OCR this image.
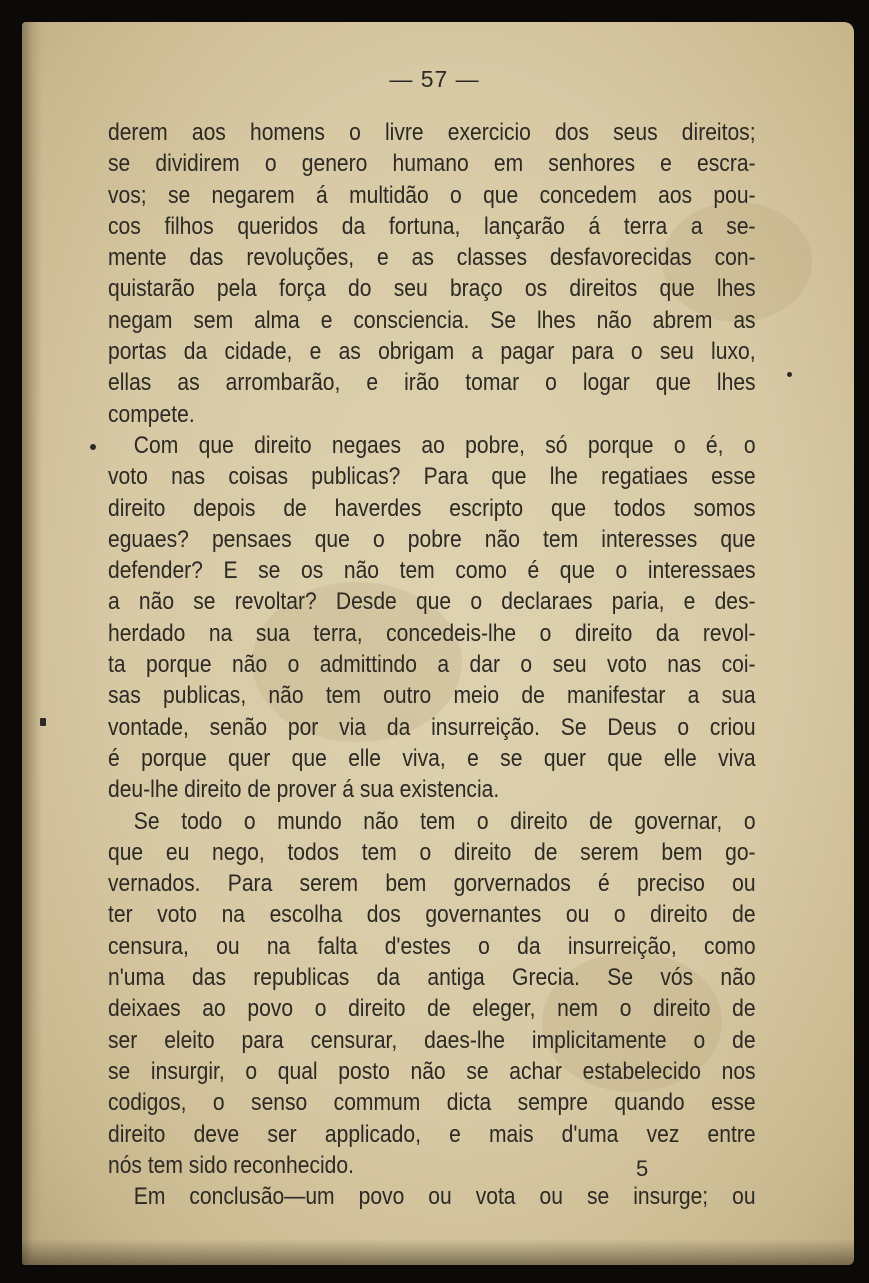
— 57 —
derem aos homens o livre exercicio dos seus direitos;
se dividirem o genero humano em senhores e escra-
vos; se negarem á multidão o que concedem aos pou-
cos filhos queridos da fortuna, lançarão á terra a se-
mente das revoluções, e as classes desfavorecidas con-
quistarão pela força do seu braço os direitos que lhes
negam sem alma e consciencia. Se lhes não abrem as
portas da cidade, e as obrigam a pagar para o seu luxo,
ellas as arrombarão, e irão tomar o logar que lhes
compete.
Com que direito negaes ao pobre, só porque o é, o
voto nas coisas publicas? Para que lhe regatiaes esse
direito depois de haverdes escripto que todos somos
eguaes? pensaes que o pobre não tem interesses que
defender? E se os não tem como é que o interessaes
a não se revoltar? Desde que o declaraes paria, e des-
herdado na sua terra, concedeis-lhe o direito da revol-
ta porque não o admittindo a dar o seu voto nas coi-
sas publicas, não tem outro meio de manifestar a sua
vontade, senão por via da insurreição. Se Deus o criou
é porque quer que elle viva, e se quer que elle viva
deu-lhe direito de prover á sua existencia.
Se todo o mundo não tem o direito de governar, o
que eu nego, todos tem o direito de serem bem go-
vernados. Para serem bem gorvernados é preciso ou
ter voto na escolha dos governantes ou o direito de
censura, ou na falta d'estes o da insurreição, como
n'uma das republicas da antiga Grecia. Se vós não
deixaes ao povo o direito de eleger, nem o direito de
ser eleito para censurar, daes-lhe implicitamente o de
se insurgir, o qual posto não se achar estabelecido nos
codigos, o senso commum dicta sempre quando esse
direito deve ser applicado, e mais d'uma vez entre
nós tem sido reconhecido.
Em conclusão—um povo ou vota ou se insurge; ou
5
